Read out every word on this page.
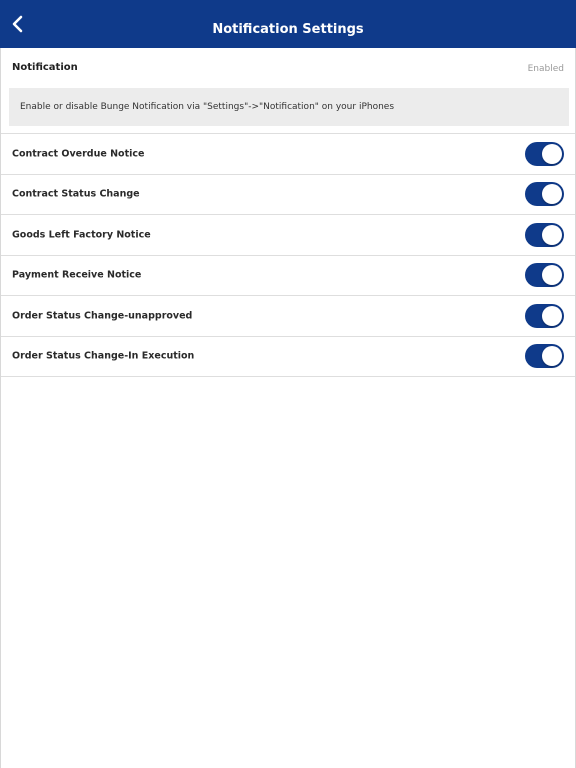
Notification Settings
Notification	Enabled
Enable or disable Bunge Notification via "Settings"->"Notification" on your iPhones
Contract Overdue Notice
Contract Status Change
Goods Left Factory Notice
Payment Receive Notice
Order Status Change-unapproved
Order Status Change-In Execution
